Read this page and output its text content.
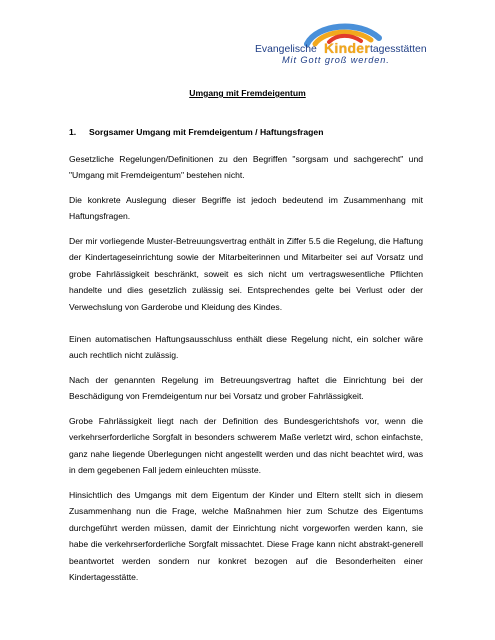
Evangelische Kinder tagesstätten
Mit Gott groß werden.
Umgang mit Fremdeigentum
1. Sorgsamer Umgang mit Fremdeigentum / Haftungsfragen

Gesetzliche Regelungen/Definitionen zu den Begriffen "sorgsam und sachgerecht" und "Umgang mit Fremdeigentum" bestehen nicht.

Die konkrete Auslegung dieser Begriffe ist jedoch bedeutend im Zusammenhang mit Haftungsfragen.

Der mir vorliegende Muster-Betreuungsvertrag enthält in Ziffer 5.5 die Regelung, die Haftung der Kindertageseinrichtung sowie der Mitarbeiterinnen und Mitarbeiter sei auf Vorsatz und grobe Fahrlässigkeit beschränkt, soweit es sich nicht um vertragswesentliche Pflichten handelte und dies gesetzlich zulässig sei. Entsprechendes gelte bei Verlust oder der Verwechslung von Garderobe und Kleidung des Kindes.

Einen automatischen Haftungsausschluss enthält diese Regelung nicht, ein solcher wäre auch rechtlich nicht zulässig.

Nach der genannten Regelung im Betreuungsvertrag haftet die Einrichtung bei der Beschädigung von Fremdeigentum nur bei Vorsatz und grober Fahrlässigkeit.

Grobe Fahrlässigkeit liegt nach der Definition des Bundesgerichtshofs vor, wenn die verkehrserforderliche Sorgfalt in besonders schwerem Maße verletzt wird, schon einfachste, ganz nahe liegende Überlegungen nicht angestellt werden und das nicht beachtet wird, was in dem gegebenen Fall jedem einleuchten müsste.

Hinsichtlich des Umgangs mit dem Eigentum der Kinder und Eltern stellt sich in diesem Zusammenhang nun die Frage, welche Maßnahmen hier zum Schutze des Eigentums durchgeführt werden müssen, damit der Einrichtung nicht vorgeworfen werden kann, sie habe die verkehrserforderliche Sorgfalt missachtet. Diese Frage kann nicht abstrakt-generell beantwortet werden sondern nur konkret bezogen auf die Besonderheiten einer Kindertagesstätte.
